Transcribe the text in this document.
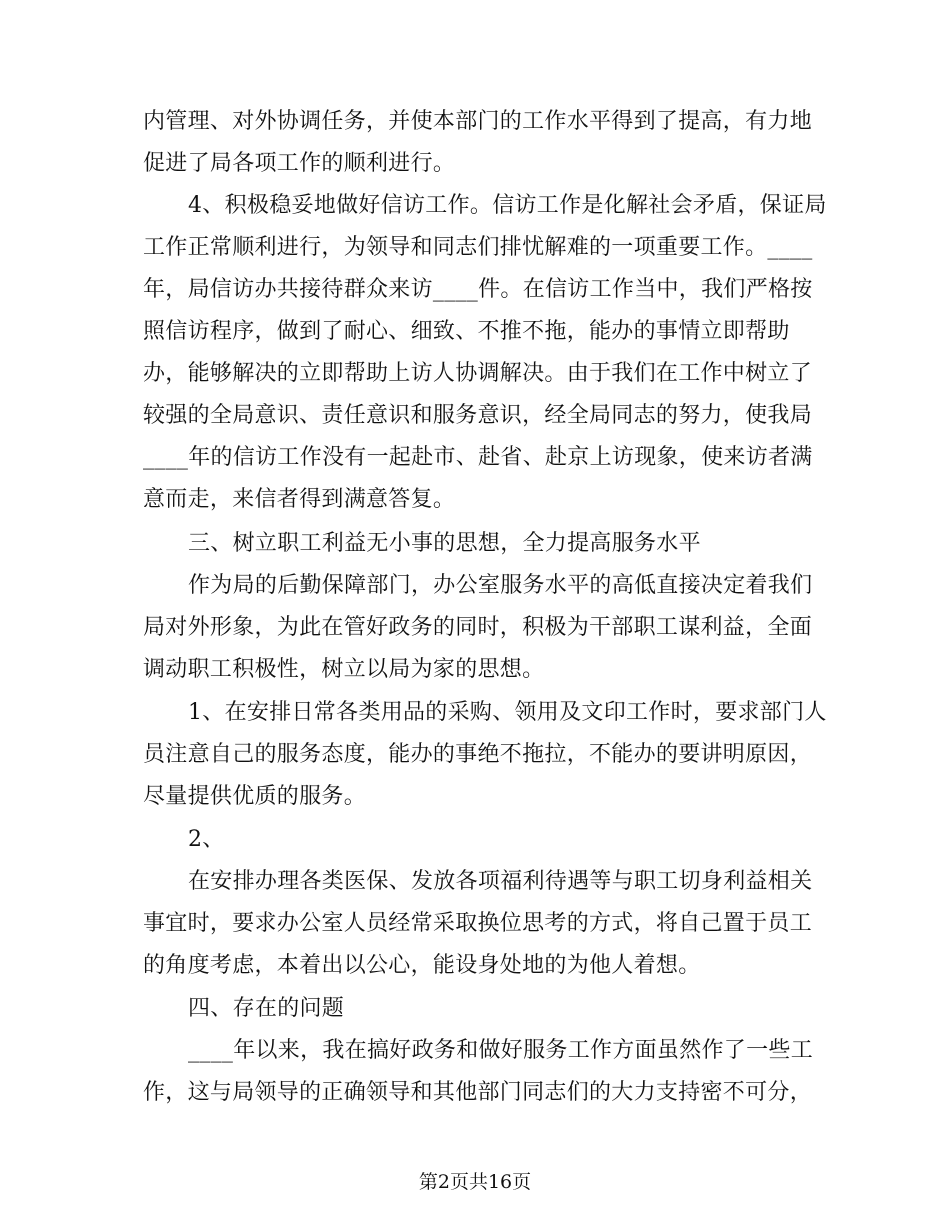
内管理、对外协调任务，并使本部门的工作水平得到了提高，有力地
促进了局各项工作的顺利进行。
4、积极稳妥地做好信访工作。信访工作是化解社会矛盾，保证局
工作正常顺利进行，为领导和同志们排忧解难的一项重要工作。____
年，局信访办共接待群众来访____件。在信访工作当中，我们严格按
照信访程序，做到了耐心、细致、不推不拖，能办的事情立即帮助
办，能够解决的立即帮助上访人协调解决。由于我们在工作中树立了
较强的全局意识、责任意识和服务意识，经全局同志的努力，使我局
____年的信访工作没有一起赴市、赴省、赴京上访现象，使来访者满
意而走，来信者得到满意答复。
三、树立职工利益无小事的思想，全力提高服务水平
作为局的后勤保障部门，办公室服务水平的高低直接决定着我们
局对外形象，为此在管好政务的同时，积极为干部职工谋利益，全面
调动职工积极性，树立以局为家的思想。
1、在安排日常各类用品的采购、领用及文印工作时，要求部门人
员注意自己的服务态度，能办的事绝不拖拉，不能办的要讲明原因，
尽量提供优质的服务。
2、
在安排办理各类医保、发放各项福利待遇等与职工切身利益相关
事宜时，要求办公室人员经常采取换位思考的方式，将自己置于员工
的角度考虑，本着出以公心，能设身处地的为他人着想。
四、存在的问题
____年以来，我在搞好政务和做好服务工作方面虽然作了一些工
作，这与局领导的正确领导和其他部门同志们的大力支持密不可分，
第2页共16页
